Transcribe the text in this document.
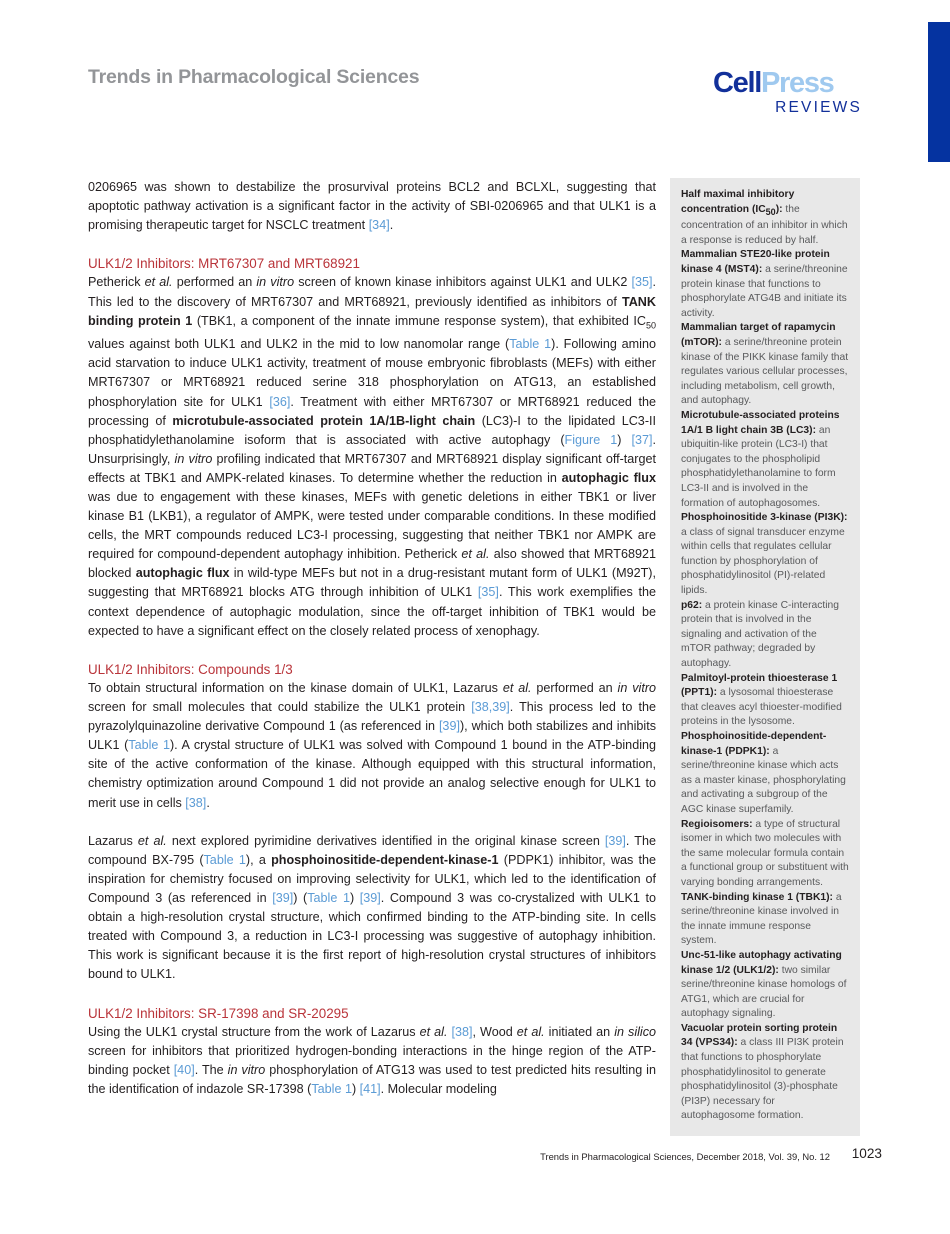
Trends in Pharmacological Sciences	CellPress
REVIEWS

0206965 was shown to destabilize the prosurvival proteins BCL2 and BCLXL, suggesting that apoptotic pathway activation is a significant factor in the activity of SBI-0206965 and that ULK1 is a promising therapeutic target for NSCLC treatment [34].

ULK1/2 Inhibitors: MRT67307 and MRT68921

Petherick et al. performed an in vitro screen of known kinase inhibitors against ULK1 and ULK2 [35]. This led to the discovery of MRT67307 and MRT68921, previously identified as inhibitors of TANK binding protein 1 (TBK1, a component of the innate immune response system), that exhibited $IC_{50}$ values against both ULK1 and ULK2 in the mid to low nanomolar range (Table 1). Following amino acid starvation to induce ULK1 activity, treatment of mouse embryonic fibroblasts (MEFs) with either MRT67307 or MRT68921 reduced serine 318 phosphorylation on ATG13, an established phosphorylation site for ULK1 [36]. Treatment with either MRT67307 or MRT68921 reduced the processing of microtubule-associated protein 1A/1B-light chain (LC3)-I to the lipidated LC3-II phosphatidylethanolamine isoform that is associated with active autophagy (Figure 1) [37]. Unsurprisingly, in vitro profiling indicated that MRT67307 and MRT68921 display significant off-target effects at TBK1 and AMPK-related kinases. To determine whether the reduction in autophagic flux was due to engagement with these kinases, MEFs with genetic deletions in either TBK1 or liver kinase B1 (LKB1), a regulator of AMPK, were tested under comparable conditions. In these modified cells, the MRT compounds reduced LC3-I processing, suggesting that neither TBK1 nor AMPK are required for compound-dependent autophagy inhibition. Petherick et al. also showed that MRT68921 blocked autophagic flux in wild-type MEFs but not in a drug-resistant mutant form of ULK1 (M92T), suggesting that MRT68921 blocks ATG through inhibition of ULK1 [35]. This work exemplifies the context dependence of autophagic modulation, since the off-target inhibition of TBK1 would be expected to have a significant effect on the closely related process of xenophagy.

ULK1/2 Inhibitors: Compounds 1/3

To obtain structural information on the kinase domain of ULK1, Lazarus et al. performed an in vitro screen for small molecules that could stabilize the ULK1 protein [38,39]. This process led to the pyrazolylquinazoline derivative Compound 1 (as referenced in [39]), which both stabilizes and inhibits ULK1 (Table 1). A crystal structure of ULK1 was solved with Compound 1 bound in the ATP-binding site of the active conformation of the kinase. Although equipped with this structural information, chemistry optimization around Compound 1 did not provide an analog selective enough for ULK1 to merit use in cells [38].

Lazarus et al. next explored pyrimidine derivatives identified in the original kinase screen [39]. The compound BX-795 (Table 1), a phosphoinositide-dependent-kinase-1 (PDPK1) inhibitor, was the inspiration for chemistry focused on improving selectivity for ULK1, which led to the identification of Compound 3 (as referenced in [39]) (Table 1) [39]. Compound 3 was co-crystalized with ULK1 to obtain a high-resolution crystal structure, which confirmed binding to the ATP-binding site. In cells treated with Compound 3, a reduction in LC3-I processing was suggestive of autophagy inhibition. This work is significant because it is the first report of high-resolution crystal structures of inhibitors bound to ULK1.

ULK1/2 Inhibitors: SR-17398 and SR-20295

Using the ULK1 crystal structure from the work of Lazarus et al. [38], Wood et al. initiated an in silico screen for inhibitors that prioritized hydrogen-bonding interactions in the hinge region of the ATP-binding pocket [40]. The in vitro phosphorylation of ATG13 was used to test predicted hits resulting in the identification of indazole SR-17398 (Table 1) [41]. Molecular modeling

Half maximal inhibitory concentration $(IC_{50})$: the concentration of an inhibitor in which a response is reduced by half.

Mammalian STE20-like protein kinase 4 (MST4): a serine/threonine protein kinase that functions to phosphorylate ATG4B and initiate its activity.

Mammalian target of rapamycin (mTOR): a serine/threonine protein kinase of the PIKK kinase family that regulates various cellular processes, including metabolism, cell growth, and autophagy.

Microtubule-associated proteins 1A/1 B light chain 3B (LC3): an ubiquitin-like protein (LC3-I) that conjugates to the phospholipid phosphatidylethanolamine to form LC3-II and is involved in the formation of autophagosomes.

Phosphoinositide 3-kinase (PI3K): a class of signal transducer enzyme within cells that regulates cellular function by phosphorylation of phosphatidylinositol (PI)-related lipids.

p62: a protein kinase C-interacting protein that is involved in the signaling and activation of the mTOR pathway; degraded by autophagy.

Palmitoyl-protein thioesterase 1 (PPT1): a lysosomal thioesterase that cleaves acyl thioester-modified proteins in the lysosome.

Phosphoinositide-dependent-kinase-1 (PDPK1): a serine/threonine kinase which acts as a master kinase, phosphorylating and activating a subgroup of the AGC kinase superfamily.

Regioisomers: a type of structural isomer in which two molecules with the same molecular formula contain a functional group or substituent with varying bonding arrangements.

TANK-binding kinase 1 (TBK1): a serine/threonine kinase involved in the innate immune response system.

Unc-51-like autophagy activating kinase 1/2 (ULK1/2): two similar serine/threonine kinase homologs of ATG1, which are crucial for autophagy signaling.

Vacuolar protein sorting protein 34 (VPS34): a class III PI3K protein that functions to phosphorylate phosphatidylinositol to generate phosphatidylinositol (3)-phosphate (PI3P) necessary for autophagosome formation.

Trends in Pharmacological Sciences, December 2018, Vol. 39, No. 12 1023
